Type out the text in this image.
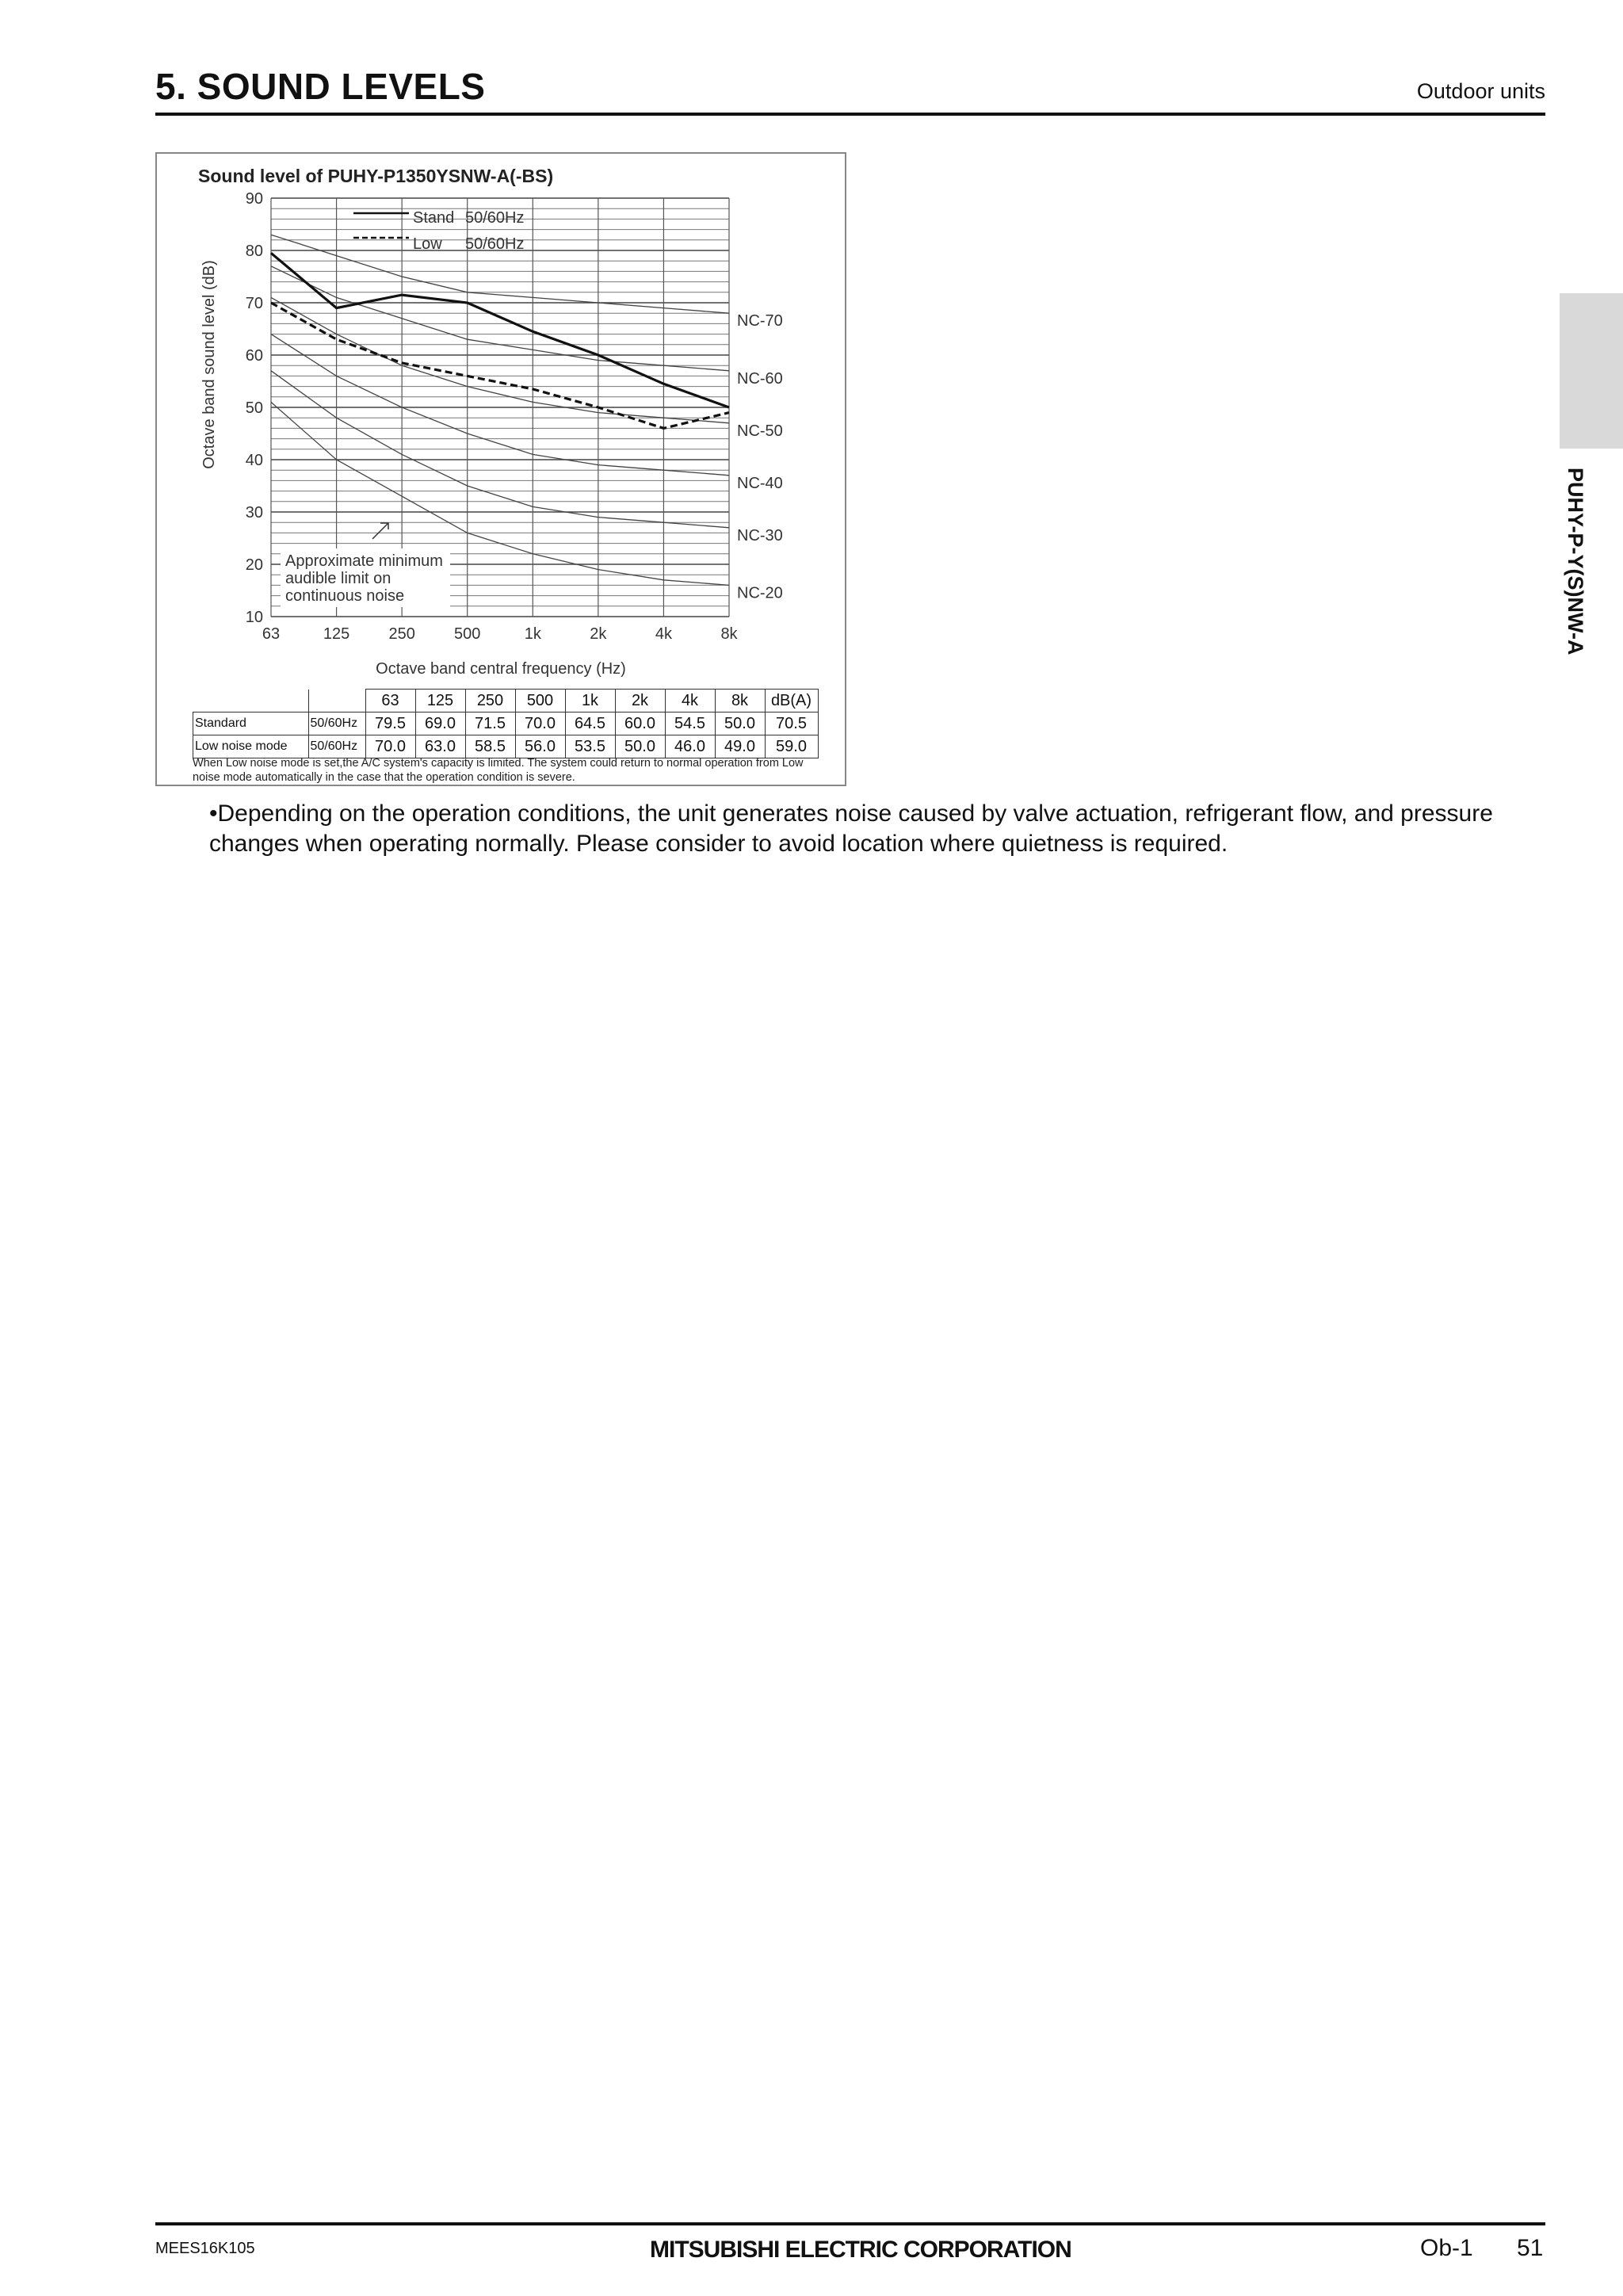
5. SOUND LEVELS	Outdoor units
PUHY-P-Y(S)NW-A
Sound level of PUHY-P1350YSNW-A(-BS)
90
80
70
60
50
40
30
20
10
63	125 250 500	1k	2k	4k	8k
NC-70
NC-60
NC-50
NC-40
NC-30
NC-20
Stand 50/60Hz
Low 50/60Hz
Approximate minimum
audible limit on
continuous noise
Octave band sound level (dB)
Octave band central frequency (Hz)
		63	125	250	500	1k	2k	4k	8k	dB(A)
Standard	50/60Hz	79.5	69.0	71.5	70.0	64.5	60.0	54.5	50.0	70.5
Low noise mode	50/60Hz	70.0	63.0	58.5	56.0	53.5	50.0	46.0	49.0	59.0
When Low noise mode is set,the A/C system's capacity is limited. The system could return to normal operation from Low noise mode automatically in the case that the operation condition is severe.
•Depending on the operation conditions, the unit generates noise caused by valve actuation, refrigerant flow, and pressure changes when operating normally. Please consider to avoid location where quietness is required.
MEES16K105	MITSUBISHI ELECTRIC CORPORATION	Ob-1 51
